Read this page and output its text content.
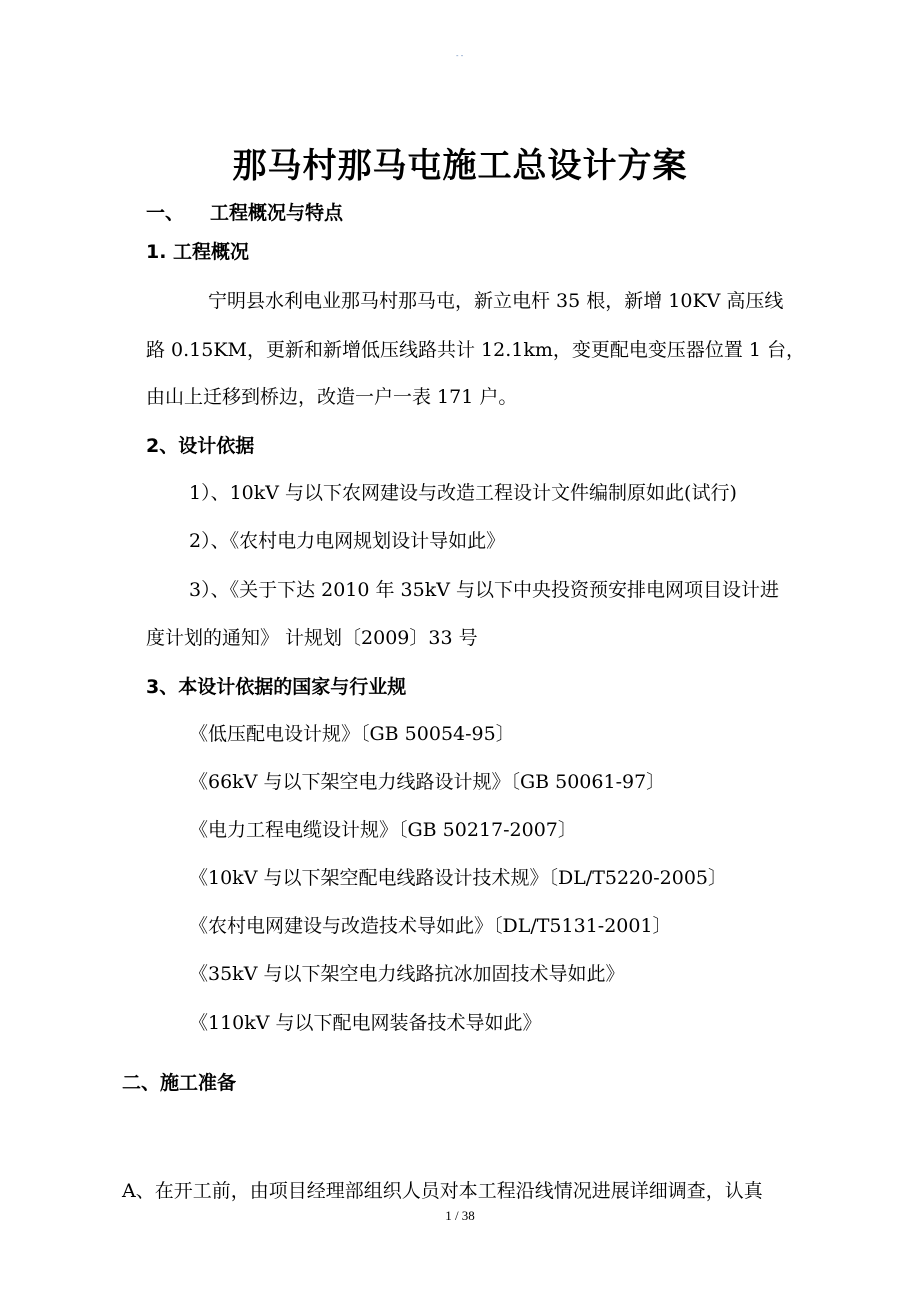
- -
那马村那马屯施工总设计方案
一、 工程概况与特点
1. 工程概况
宁明县水利电业那马村那马屯，新立电杆 35 根，新增 10KV 高压线
路 0.15KM，更新和新增低压线路共计 12.1km，变更配电变压器位置 1 台，
由山上迁移到桥边，改造一户一表 171 户。
2、设计依据
1）、10kV 与以下农网建设与改造工程设计文件编制原如此(试行)
2）、《农村电力电网规划设计导如此》
3）、《关于下达 2010 年 35kV 与以下中央投资预安排电网项目设计进
度计划的通知》 计规划〔2009〕33 号
3、本设计依据的国家与行业规
《低压配电设计规》〔GB 50054-95〕
《66kV 与以下架空电力线路设计规》〔GB 50061-97〕
《电力工程电缆设计规》〔GB 50217-2007〕
《10kV 与以下架空配电线路设计技术规》〔DL/T5220-2005〕
《农村电网建设与改造技术导如此》〔DL/T5131-2001〕
《35kV 与以下架空电力线路抗冰加固技术导如此》
《110kV 与以下配电网装备技术导如此》
二、施工准备
A、在开工前，由项目经理部组织人员对本工程沿线情况进展详细调查，认真
1 / 38
